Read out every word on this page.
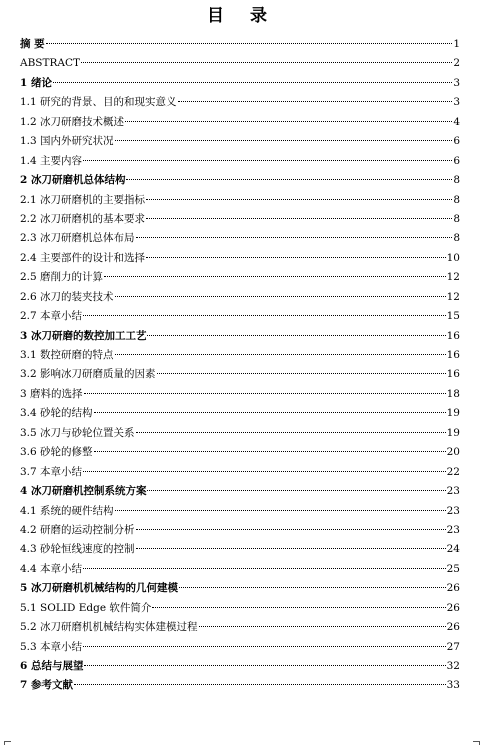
目 录
摘 要	1
ABSTRACT	2
1 绪论	3
1.1 研究的背景、目的和现实意义	3
1.2 冰刀研磨技术概述	4
1.3 国内外研究状况	6
1.4 主要内容	6
2 冰刀研磨机总体结构	8
2.1 冰刀研磨机的主要指标	8
2.2 冰刀研磨机的基本要求	8
2.3 冰刀研磨机总体布局	8
2.4 主要部件的设计和选择	10
2.5 磨削力的计算	12
2.6 冰刀的装夹技术	12
2.7 本章小结	15
3 冰刀研磨的数控加工工艺	16
3.1 数控研磨的特点	16
3.2 影响冰刀研磨质量的因素	16
3 磨料的选择	18
3.4 砂轮的结构	19
3.5 冰刀与砂轮位置关系	19
3.6 砂轮的修整	20
3.7 本章小结	22
4 冰刀研磨机控制系统方案	23
4.1 系统的硬件结构	23
4.2 研磨的运动控制分析	23
4.3 砂轮恒线速度的控制	24
4.4 本章小结	25
5 冰刀研磨机机械结构的几何建模	26
5.1 SOLID Edge 软件简介	26
5.2 冰刀研磨机机械结构实体建模过程	26
5.3 本章小结	27
6 总结与展望	32
7 参考文献	33
